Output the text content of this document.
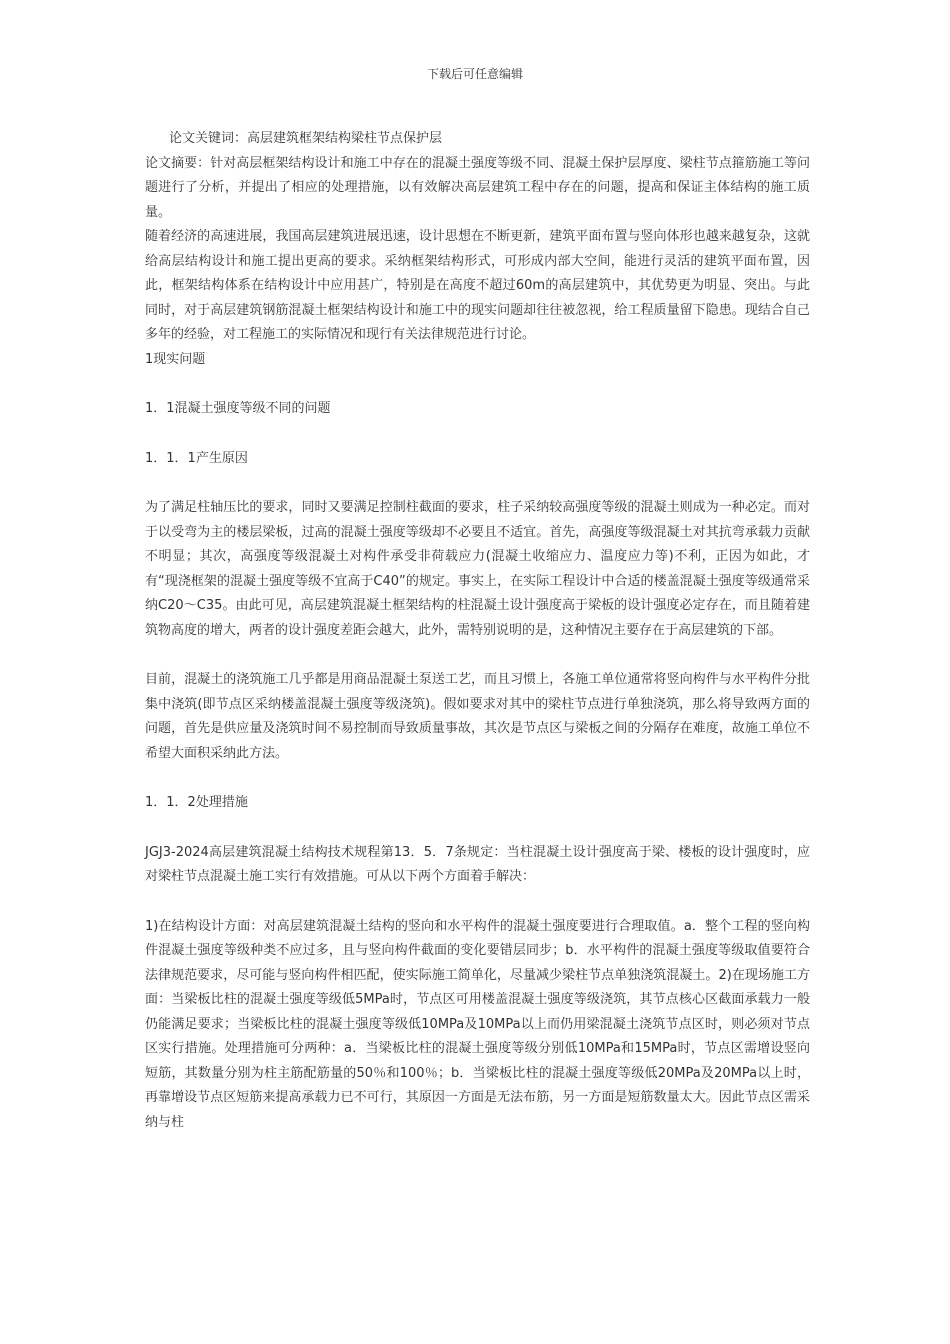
下载后可任意编辑

论文关键词：高层建筑框架结构梁柱节点保护层

论文摘要：针对高层框架结构设计和施工中存在的混凝土强度等级不同、混凝土保护层厚度、梁柱节点箍筋施工等问题进行了分析，并提出了相应的处理措施，以有效解决高层建筑工程中存在的问题，提高和保证主体结构的施工质量。

随着经济的高速进展，我国高层建筑进展迅速，设计思想在不断更新，建筑平面布置与竖向体形也越来越复杂，这就给高层结构设计和施工提出更高的要求。采纳框架结构形式，可形成内部大空间，能进行灵活的建筑平面布置，因此，框架结构体系在结构设计中应用甚广，特别是在高度不超过60m的高层建筑中，其优势更为明显、突出。与此同时，对于高层建筑钢筋混凝土框架结构设计和施工中的现实问题却往往被忽视，给工程质量留下隐患。现结合自己多年的经验，对工程施工的实际情况和现行有关法律规范进行讨论。

1现实问题

1．1混凝土强度等级不同的问题

1．1．1产生原因

为了满足柱轴压比的要求，同时又要满足控制柱截面的要求，柱子采纳较高强度等级的混凝土则成为一种必定。而对于以受弯为主的楼层梁板，过高的混凝土强度等级却不必要且不适宜。首先，高强度等级混凝土对其抗弯承载力贡献不明显；其次，高强度等级混凝土对构件承受非荷载应力(混凝土收缩应力、温度应力等)不利，正因为如此，才有“现浇框架的混凝土强度等级不宜高于C40”的规定。事实上，在实际工程设计中合适的楼盖混凝土强度等级通常采纳C20～C35。由此可见，高层建筑混凝土框架结构的柱混凝土设计强度高于梁板的设计强度必定存在，而且随着建筑物高度的增大，两者的设计强度差距会越大，此外，需特别说明的是，这种情况主要存在于高层建筑的下部。

目前，混凝土的浇筑施工几乎都是用商品混凝土泵送工艺，而且习惯上，各施工单位通常将竖向构件与水平构件分批集中浇筑(即节点区采纳楼盖混凝土强度等级浇筑)。假如要求对其中的梁柱节点进行单独浇筑，那么将导致两方面的问题，首先是供应量及浇筑时间不易控制而导致质量事故，其次是节点区与梁板之间的分隔存在难度，故施工单位不希望大面积采纳此方法。

1．1．2处理措施

JGJ3-2024高层建筑混凝土结构技术规程第13．5．7条规定：当柱混凝土设计强度高于梁、楼板的设计强度时，应对梁柱节点混凝土施工实行有效措施。可从以下两个方面着手解决：

1)在结构设计方面：对高层建筑混凝土结构的竖向和水平构件的混凝土强度要进行合理取值。a．整个工程的竖向构件混凝土强度等级种类不应过多，且与竖向构件截面的变化要错层同步；b．水平构件的混凝土强度等级取值要符合法律规范要求，尽可能与竖向构件相匹配，使实际施工简单化，尽量减少梁柱节点单独浇筑混凝土。2)在现场施工方面：当梁板比柱的混凝土强度等级低5MPa时，节点区可用楼盖混凝土强度等级浇筑，其节点核心区截面承载力一般仍能满足要求；当梁板比柱的混凝土强度等级低10MPa及10MPa以上而仍用梁混凝土浇筑节点区时，则必须对节点区实行措施。处理措施可分两种：a．当梁板比柱的混凝土强度等级分别低10MPa和15MPa时，节点区需增设竖向短筋，其数量分别为柱主筋配筋量的50％和100％；b．当梁板比柱的混凝土强度等级低20MPa及20MPa以上时，再靠增设节点区短筋来提高承载力已不可行，其原因一方面是无法布筋，另一方面是短筋数量太大。因此节点区需采纳与柱
